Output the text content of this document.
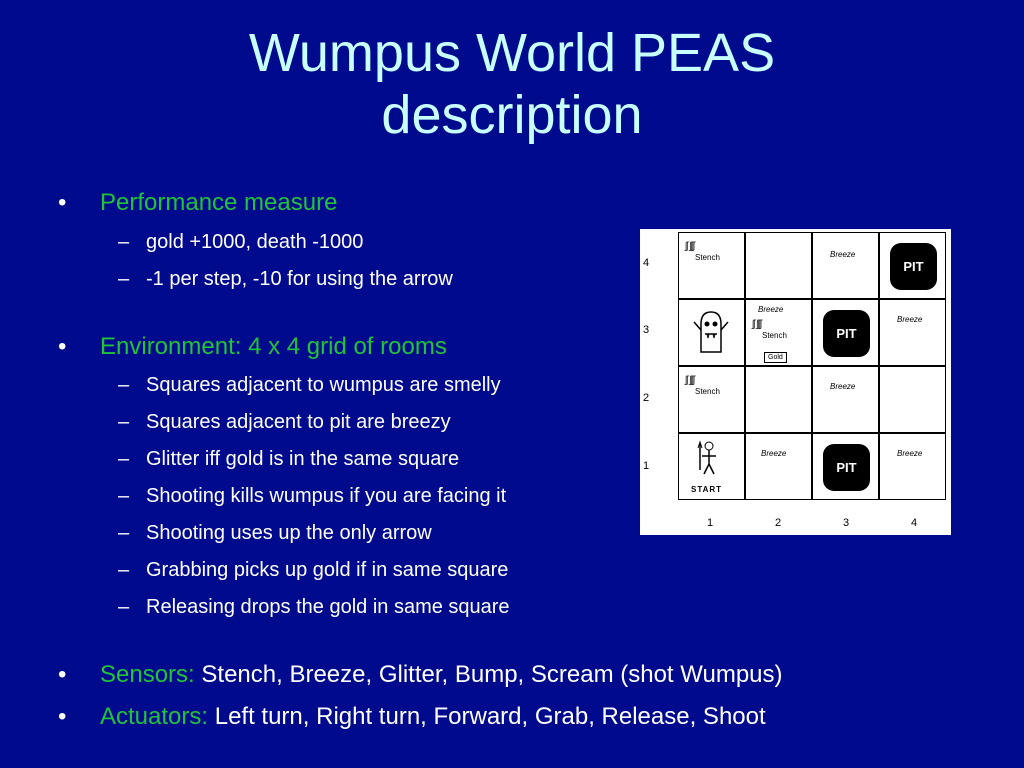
Wumpus World PEAS
description
• Performance measure
– gold +1000, death -1000
– -1 per step, -10 for using the arrow
• Environment: 4 x 4 grid of rooms
– Squares adjacent to wumpus are smelly
– Squares adjacent to pit are breezy
– Glitter iff gold is in the same square
– Shooting kills wumpus if you are facing it
– Shooting uses up the only arrow
– Grabbing picks up gold if in same square
– Releasing drops the gold in same square
• Sensors: Stench, Breeze, Glitter, Bump, Scream (shot Wumpus)
• Actuators: Left turn, Right turn, Forward, Grab, Release, Shoot
4
3
2
1
1	2	3	4
ʃʃ ʃʃʃʃ
Stench	Breeze
PIT
Breeze
ʃʃ ʃʃʃʃ
Stench
Gold
PIT
Breeze
ʃʃ ʃʃʃʃ
Stench
Breeze
START
Breeze
PIT
Breeze
